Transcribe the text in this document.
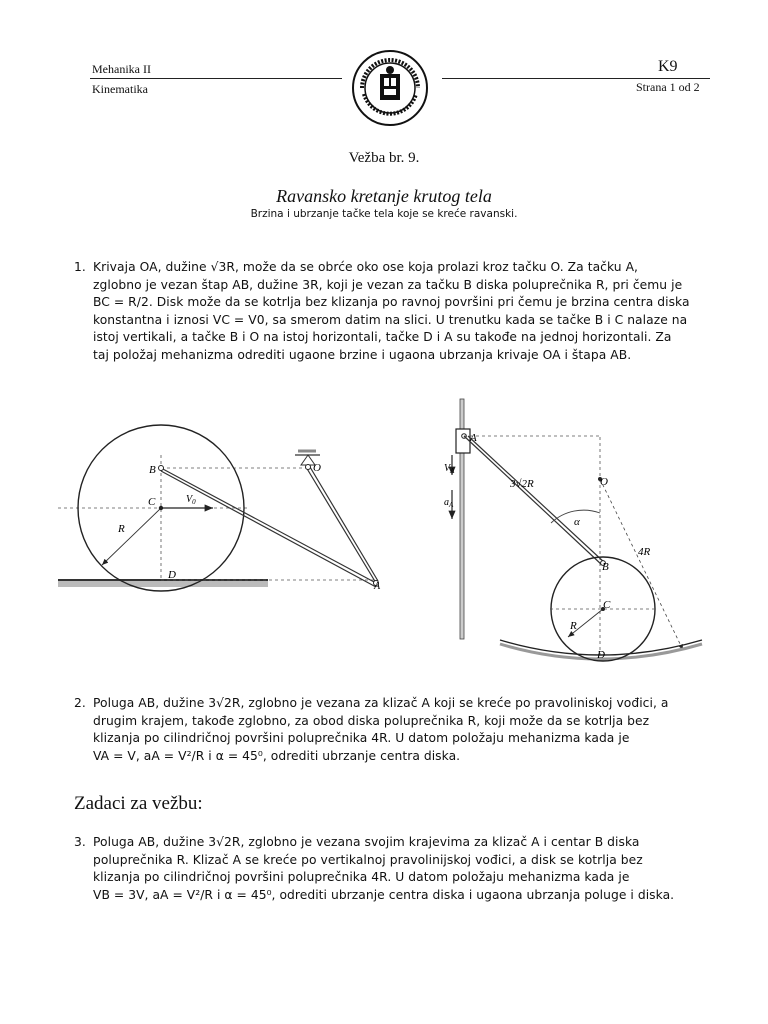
Mehanika II
Kinematika
K9
Strana 1 od 2
Vežba br. 9.
Ravansko kretanje krutog tela
Brzina i ubrzanje tačke tela koje se kreće ravanski.
1. Krivaja OA, dužine √3R, može da se obrće oko ose koja prolazi kroz tačku O. Za tačku A,
zglobno je vezan štap AB, dužine 3R, koji je vezan za tačku B diska poluprečnika R, pri čemu je
BC = R/2. Disk može da se kotrlja bez klizanja po ravnoj površini pri čemu je brzina centra diska
konstantna i iznosi VC = V0, sa smerom datim na slici. U trenutku kada se tačke B i C nalaze na
istoj vertikali, a tačke B i O na istoj horizontali, tačke D i A su takođe na jednoj horizontali. Za
taj položaj mehanizma odrediti ugaone brzine i ugaona ubrzanja krivaje OA i štapa AB.
B	O
C	$V_0$
R
D
A
A
$V_A$
$a_A$
3√2R	O
α
4R
B
C
R
D
2. Poluga AB, dužine 3√2R, zglobno je vezana za klizač A koji se kreće po pravoliniskoj vođici, a
drugim krajem, takođe zglobno, za obod diska poluprečnika R, koji može da se kotrlja bez
klizanja po cilindričnoj površini poluprečnika 4R. U datom položaju mehanizma kada je
VA = V, aA = V²/R i α = 45⁰, odrediti ubrzanje centra diska.
Zadaci za vežbu:
3. Poluga AB, dužine 3√2R, zglobno je vezana svojim krajevima za klizač A i centar B diska
poluprečnika R. Klizač A se kreće po vertikalnoj pravolinijskoj vođici, a disk se kotrlja bez
klizanja po cilindričnoj površini poluprečnika 4R. U datom položaju mehanizma kada je
VB = 3V, aA = V²/R i α = 45⁰, odrediti ubrzanje centra diska i ugaona ubrzanja poluge i diska.
